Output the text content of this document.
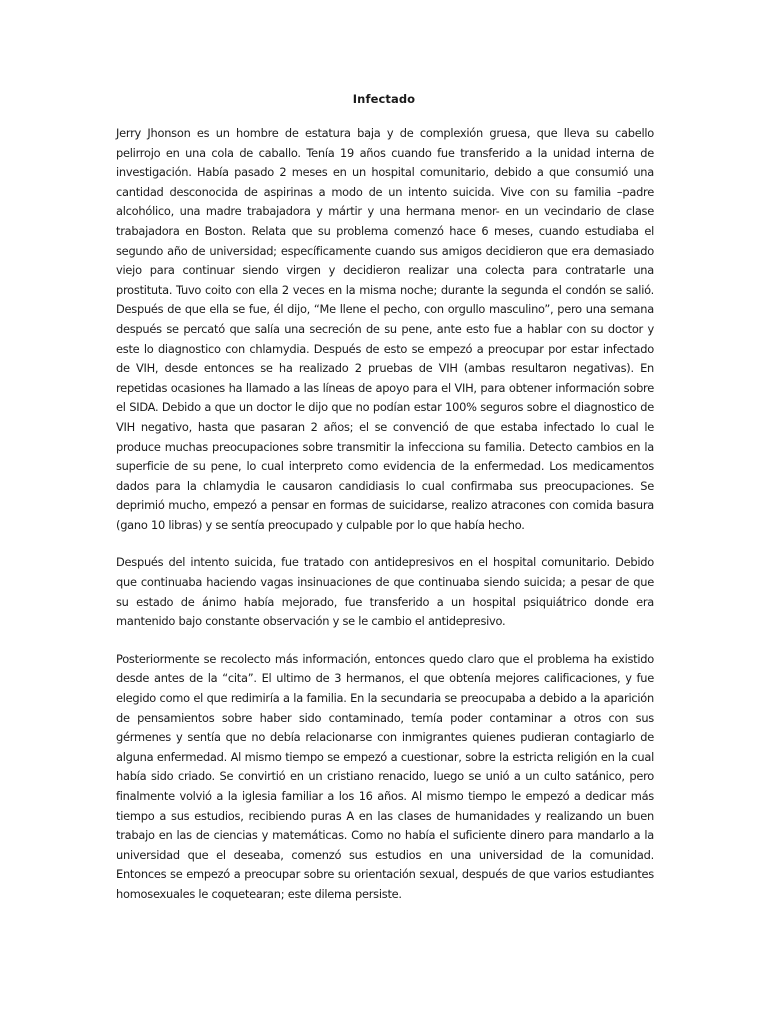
Infectado

Jerry Jhonson es un hombre de estatura baja y de complexión gruesa, que lleva su cabello pelirrojo en una cola de caballo. Tenía 19 años cuando fue transferido a la unidad interna de investigación. Había pasado 2 meses en un hospital comunitario, debido a que consumió una cantidad desconocida de aspirinas a modo de un intento suicida. Vive con su familia –padre alcohólico, una madre trabajadora y mártir y una hermana menor- en un vecindario de clase trabajadora en Boston. Relata que su problema comenzó hace 6 meses, cuando estudiaba el segundo año de universidad; específicamente cuando sus amigos decidieron que era demasiado viejo para continuar siendo virgen y decidieron realizar una colecta para contratarle una prostituta. Tuvo coito con ella 2 veces en la misma noche; durante la segunda el condón se salió. Después de que ella se fue, él dijo, “Me llene el pecho, con orgullo masculino”, pero una semana después se percató que salía una secreción de su pene, ante esto fue a hablar con su doctor y este lo diagnostico con chlamydia. Después de esto se empezó a preocupar por estar infectado de VIH, desde entonces se ha realizado 2 pruebas de VIH (ambas resultaron negativas). En repetidas ocasiones ha llamado a las líneas de apoyo para el VIH, para obtener información sobre el SIDA. Debido a que un doctor le dijo que no podían estar 100% seguros sobre el diagnostico de VIH negativo, hasta que pasaran 2 años; el se convenció de que estaba infectado lo cual le produce muchas preocupaciones sobre transmitir la infecciona su familia. Detecto cambios en la superficie de su pene, lo cual interpreto como evidencia de la enfermedad. Los medicamentos dados para la chlamydia le causaron candidiasis lo cual confirmaba sus preocupaciones. Se deprimió mucho, empezó a pensar en formas de suicidarse, realizo atracones con comida basura (gano 10 libras) y se sentía preocupado y culpable por lo que había hecho.

Después del intento suicida, fue tratado con antidepresivos en el hospital comunitario. Debido que continuaba haciendo vagas insinuaciones de que continuaba siendo suicida; a pesar de que su estado de ánimo había mejorado, fue transferido a un hospital psiquiátrico donde era mantenido bajo constante observación y se le cambio el antidepresivo.

Posteriormente se recolecto más información, entonces quedo claro que el problema ha existido desde antes de la “cita”. El ultimo de 3 hermanos, el que obtenía mejores calificaciones, y fue elegido como el que redimiría a la familia. En la secundaria se preocupaba a debido a la aparición de pensamientos sobre haber sido contaminado, temía poder contaminar a otros con sus gérmenes y sentía que no debía relacionarse con inmigrantes quienes pudieran contagiarlo de alguna enfermedad. Al mismo tiempo se empezó a cuestionar, sobre la estricta religión en la cual había sido criado. Se convirtió en un cristiano renacido, luego se unió a un culto satánico, pero finalmente volvió a la iglesia familiar a los 16 años. Al mismo tiempo le empezó a dedicar más tiempo a sus estudios, recibiendo puras A en las clases de humanidades y realizando un buen trabajo en las de ciencias y matemáticas. Como no había el suficiente dinero para mandarlo a la universidad que el deseaba, comenzó sus estudios en una universidad de la comunidad. Entonces se empezó a preocupar sobre su orientación sexual, después de que varios estudiantes homosexuales le coquetearan; este dilema persiste.
